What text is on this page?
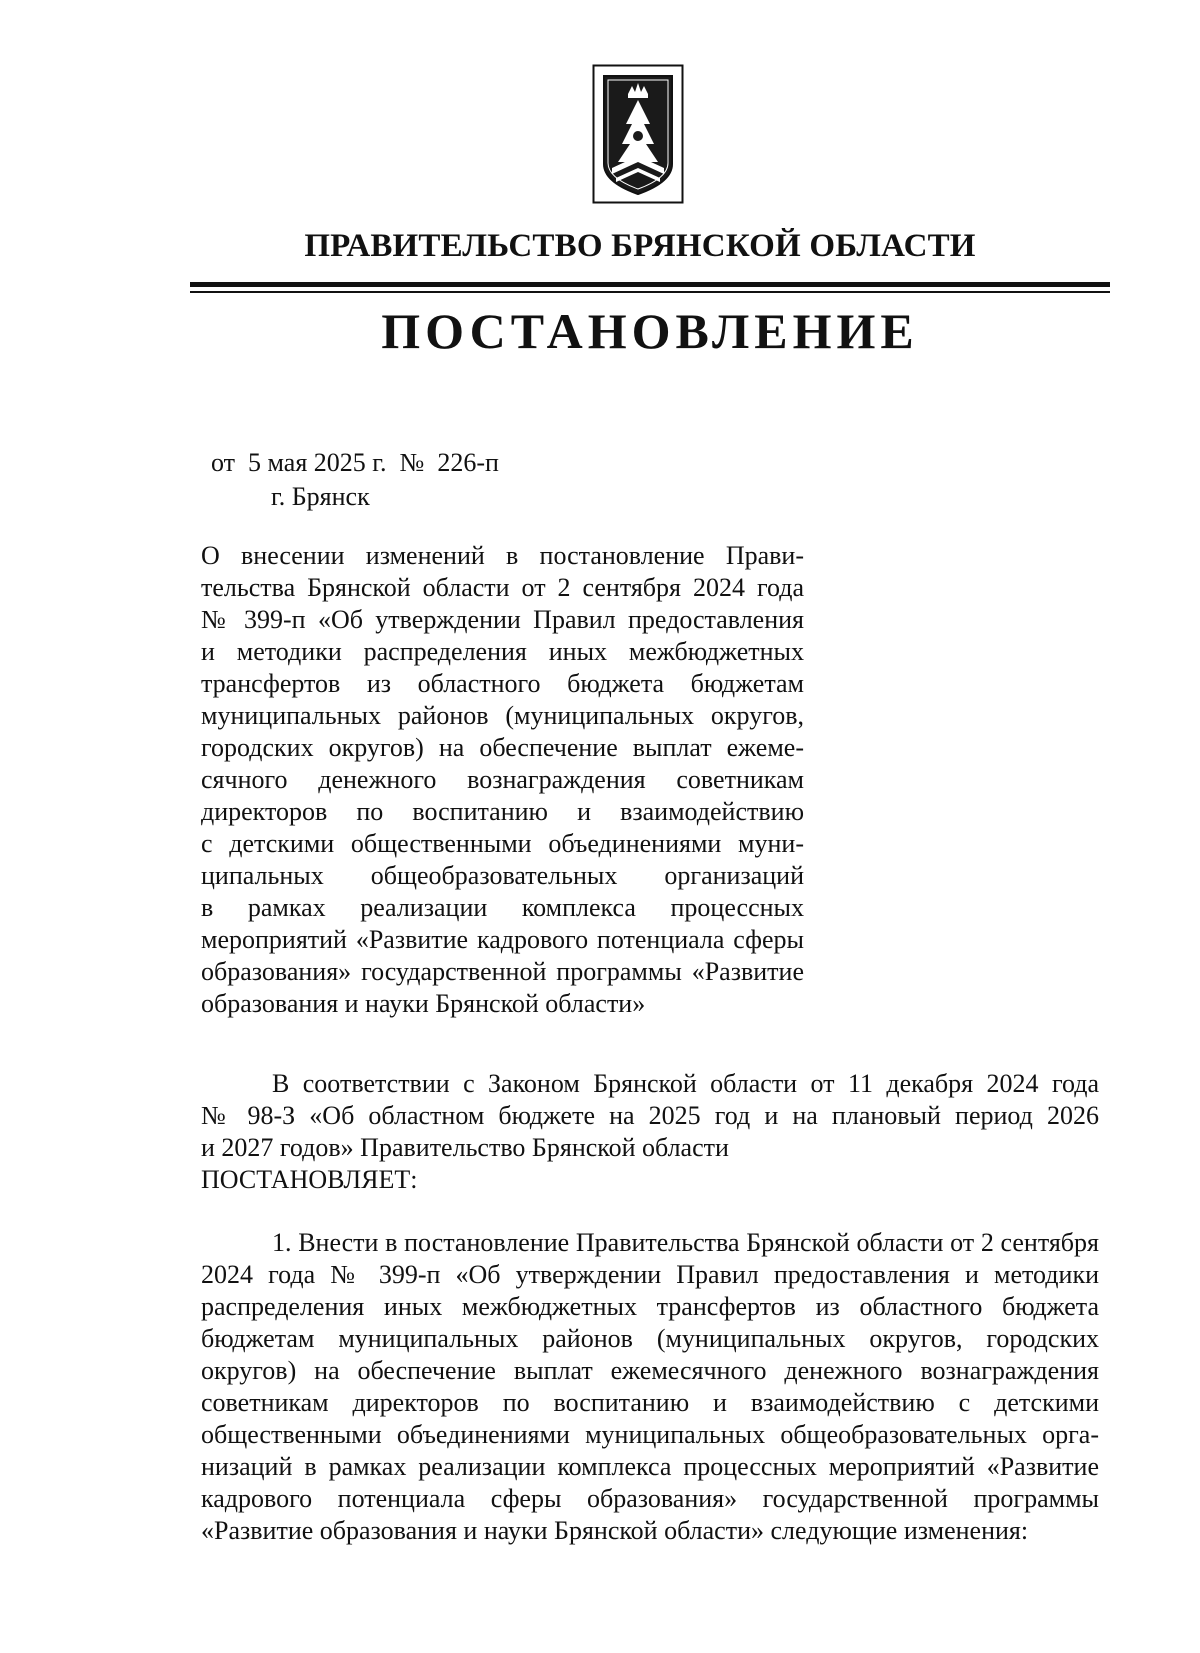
ПРАВИТЕЛЬСТВО БРЯНСКОЙ ОБЛАСТИ
ПОСТАНОВЛЕНИЕ
от  5 мая 2025 г.  №  226-п
г. Брянск
О внесении изменений в постановление Прави-
тельства Брянской области от 2 сентября 2024 года
№ 399-п «Об утверждении Правил предоставления
и методики распределения иных межбюджетных
трансфертов из областного бюджета бюджетам
муниципальных районов (муниципальных округов,
городских округов) на обеспечение выплат ежеме-
сячного денежного вознаграждения советникам
директоров по воспитанию и взаимодействию
с детскими общественными объединениями муни-
ципальных общеобразовательных организаций
в рамках реализации комплекса процессных
мероприятий «Развитие кадрового потенциала сферы
образования» государственной программы «Развитие
образования и науки Брянской области»
В соответствии с Законом Брянской области от 11 декабря 2024 года
№ 98-З «Об областном бюджете на 2025 год и на плановый период 2026
и 2027 годов» Правительство Брянской области
ПОСТАНОВЛЯЕТ:
1. Внести в постановление Правительства Брянской области от 2 сентября
2024 года № 399-п «Об утверждении Правил предоставления и методики
распределения иных межбюджетных трансфертов из областного бюджета
бюджетам муниципальных районов (муниципальных округов, городских
округов) на обеспечение выплат ежемесячного денежного вознаграждения
советникам директоров по воспитанию и взаимодействию с детскими
общественными объединениями муниципальных общеобразовательных орга-
низаций в рамках реализации комплекса процессных мероприятий «Развитие
кадрового потенциала сферы образования» государственной программы
«Развитие образования и науки Брянской области» следующие изменения:
